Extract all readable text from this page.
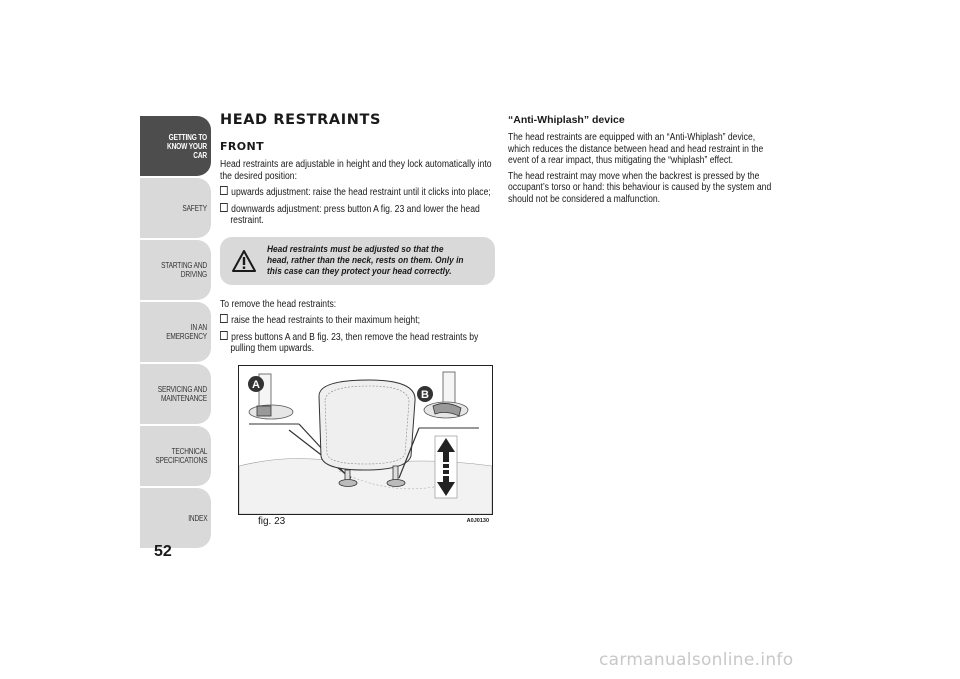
GETTING TO
KNOW YOUR CAR
SAFETY
STARTING AND
DRIVING
IN AN EMERGENCY
SERVICING AND
MAINTENANCE
TECHNICAL
SPECIFICATIONS
INDEX
52
HEAD RESTRAINTS
FRONT

Head restraints are adjustable in height and they lock automatically into the desired position:

upwards adjustment: raise the head restraint until it clicks into place;
downwards adjustment: press button A fig. 23 and lower the head restraint.
Head restraints must be adjusted so that the head, rather than the neck, rests on them. Only in this case can they protect your head correctly.

To remove the head restraints:

raise the head restraints to their maximum height;
press buttons A and B fig. 23, then remove the head restraints by pulling them upwards.
A
B
fig. 23	A0J0130
“Anti-Whiplash” device

The head restraints are equipped with an “Anti-Whiplash” device, which reduces the distance between head and head restraint in the event of a rear impact, thus mitigating the “whiplash” effect.

The head restraint may move when the backrest is pressed by the occupant’s torso or hand: this behaviour is caused by the system and should not be considered a malfunction.

carmanualsonline.info
